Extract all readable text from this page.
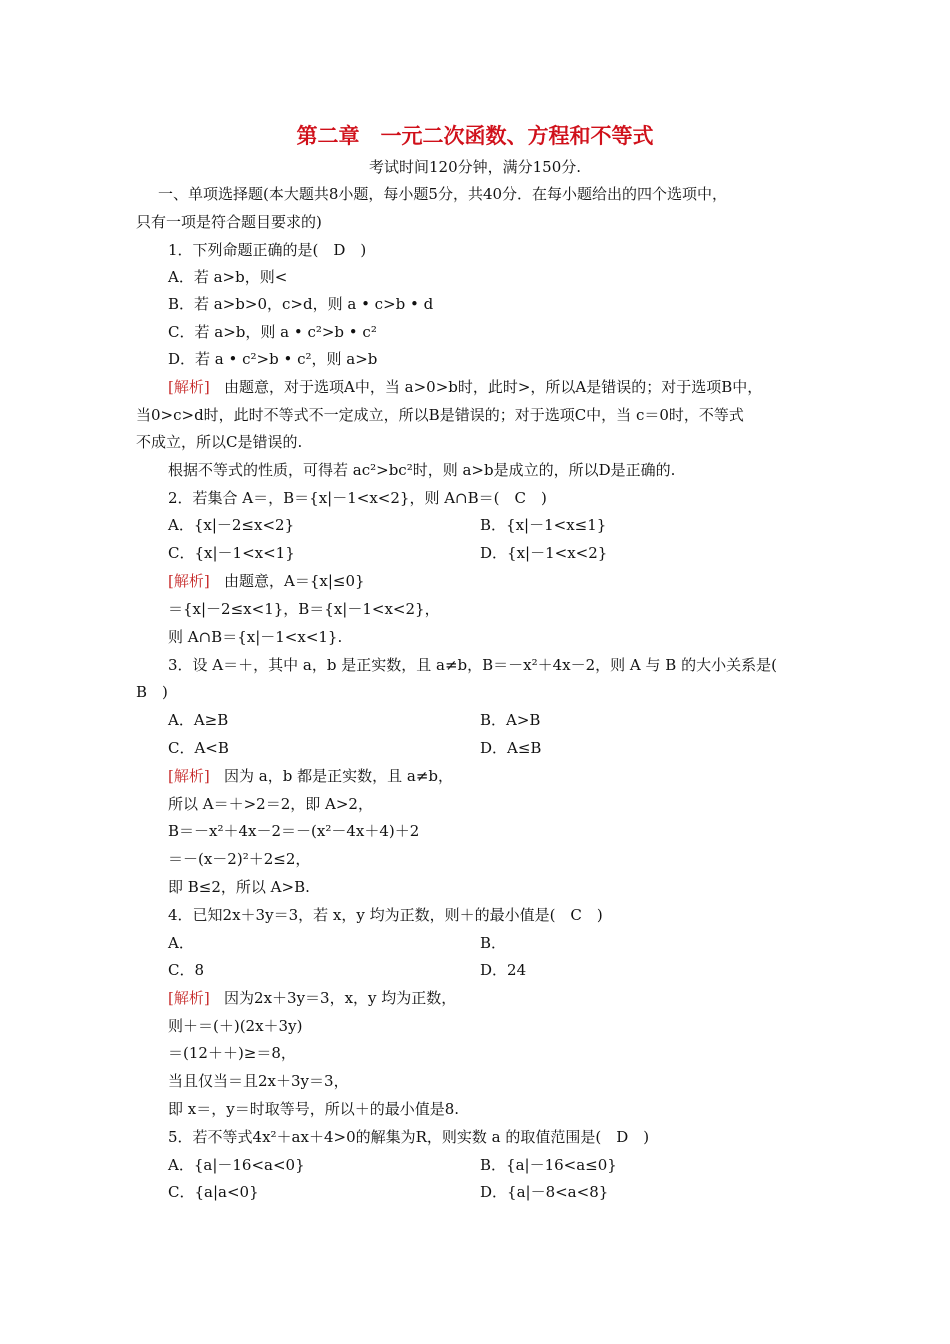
第二章　一元二次函数、方程和不等式
考试时间120分钟，满分150分.
一、单项选择题(本大题共8小题，每小题5分，共40分．在每小题给出的四个选项中，
只有一项是符合题目要求的)
1．下列命题正确的是(　D　)
A．若 a>b，则<
B．若 a>b>0，c>d，则 a • c>b • d
C．若 a>b，则 a • c²>b • c²
D．若 a • c²>b • c²，则 a>b
[解析] 由题意，对于选项A中，当 a>0>b时，此时>，所以A是错误的；对于选项B中，
当0>c>d时，此时不等式不一定成立，所以B是错误的；对于选项C中，当 c＝0时，不等式
不成立，所以C是错误的.
根据不等式的性质，可得若 ac²>bc²时，则 a>b是成立的，所以D是正确的.
2．若集合 A＝，B＝{x|－1<x<2}，则 A∩B＝(　C　)
A．{x|－2≤x<2}	B．{x|－1<x≤1}
C．{x|－1<x<1}	D．{x|－1<x<2}
[解析] 由题意，A＝{x|≤0}
＝{x|－2≤x<1}，B＝{x|－1<x<2}，
则 A∩B＝{x|－1<x<1}.
3．设 A＝＋，其中 a，b 是正实数，且 a≠b，B＝－x²＋4x－2，则 A 与 B 的大小关系是(
B　)
A．A≥B	B．A>B
C．A<B	D．A≤B
[解析] 因为 a，b 都是正实数，且 a≠b，
所以 A＝＋>2＝2，即 A>2，
B＝－x²＋4x－2＝－(x²－4x＋4)＋2
＝－(x－2)²＋2≤2，
即 B≤2，所以 A>B.
4．已知2x＋3y＝3，若 x，y 均为正数，则＋的最小值是(　C　)
A．	B．
C．8	D．24
[解析] 因为2x＋3y＝3，x，y 均为正数，
则＋＝(＋)(2x＋3y)
＝(12＋＋)≥＝8，
当且仅当＝且2x＋3y＝3，
即 x＝，y＝时取等号，所以＋的最小值是8.
5．若不等式4x²＋ax＋4>0的解集为R，则实数 a 的取值范围是(　D　)
A．{a|－16<a<0}	B．{a|－16<a≤0}
C．{a|a<0}	D．{a|－8<a<8}
